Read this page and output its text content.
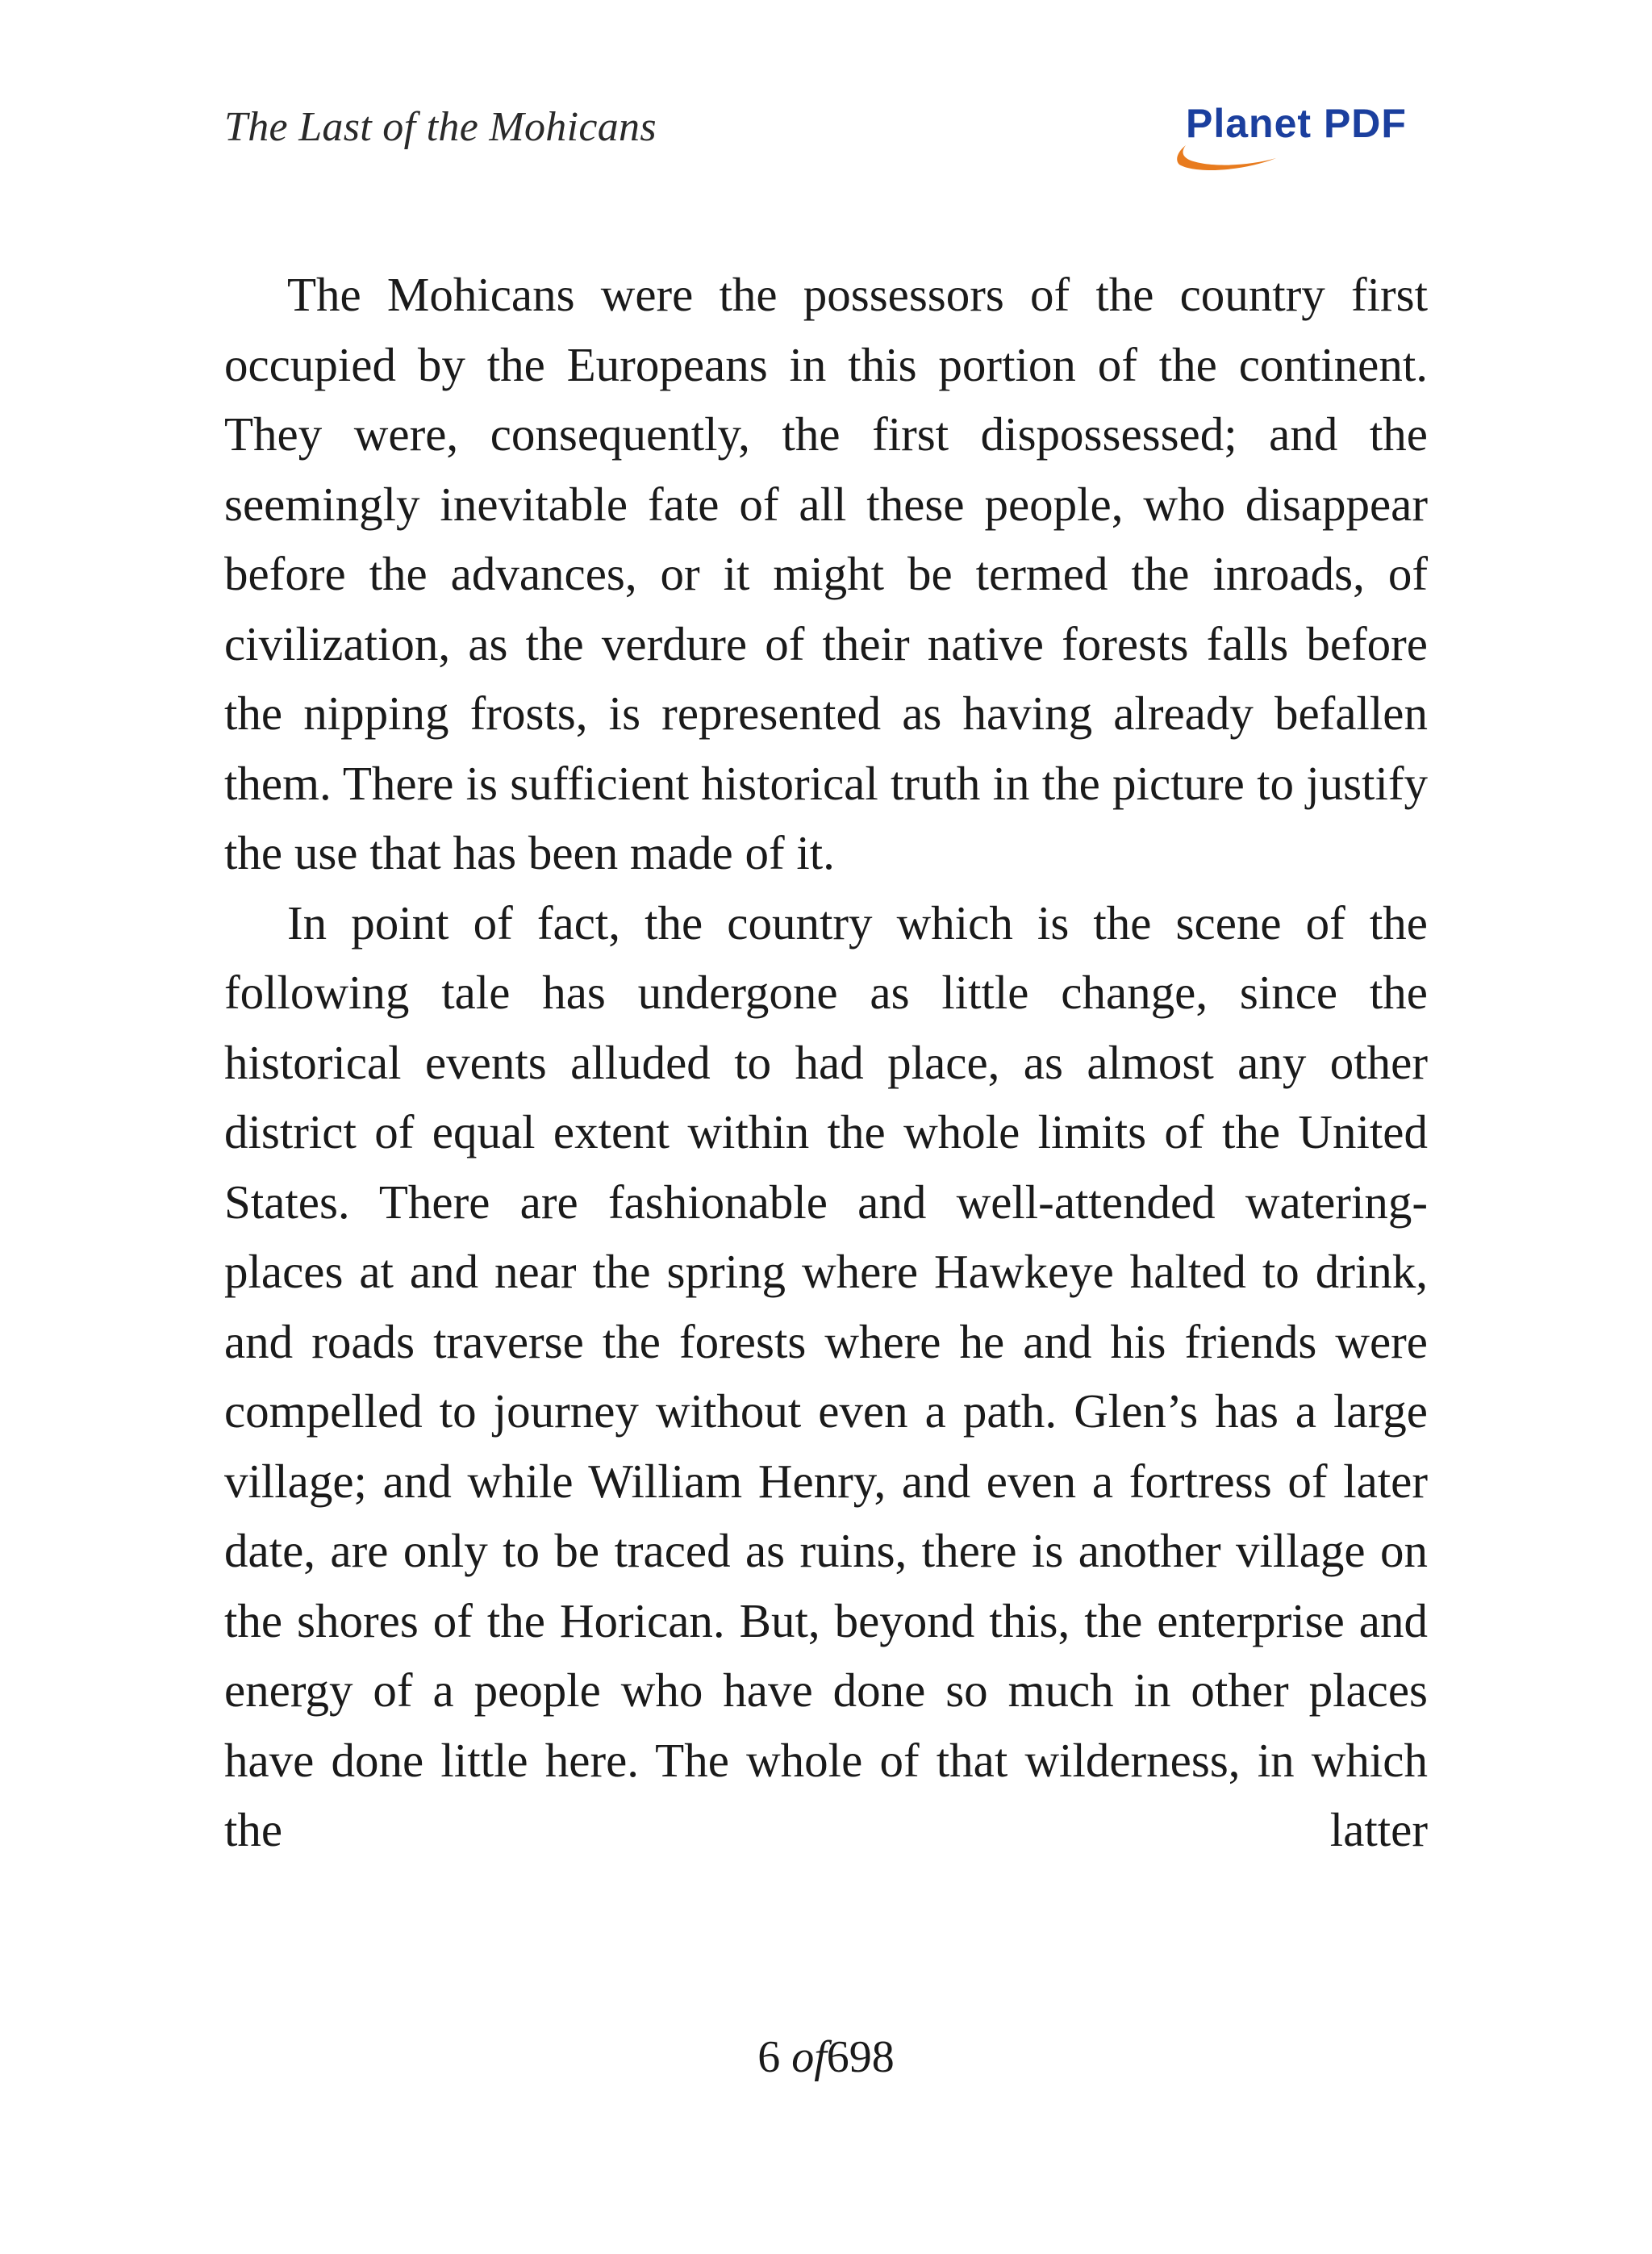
The Last of the Mohicans	Planet PDF

The Mohicans were the possessors of the country first occupied by the Europeans in this portion of the continent. They were, consequently, the first dispossessed; and the seemingly inevitable fate of all these people, who disappear before the advances, or it might be termed the inroads, of civilization, as the verdure of their native forests falls before the nipping frosts, is represented as having already befallen them. There is sufficient historical truth in the picture to justify the use that has been made of it.

In point of fact, the country which is the scene of the following tale has undergone as little change, since the historical events alluded to had place, as almost any other district of equal extent within the whole limits of the United States. There are fashionable and well-attended watering-places at and near the spring where Hawkeye halted to drink, and roads traverse the forests where he and his friends were compelled to journey without even a path. Glen’s has a large village; and while William Henry, and even a fortress of later date, are only to be traced as ruins, there is another village on the shores of the Horican. But, beyond this, the enterprise and energy of a people who have done so much in other places have done little here. The whole of that wilderness, in which the latter

6 of698
